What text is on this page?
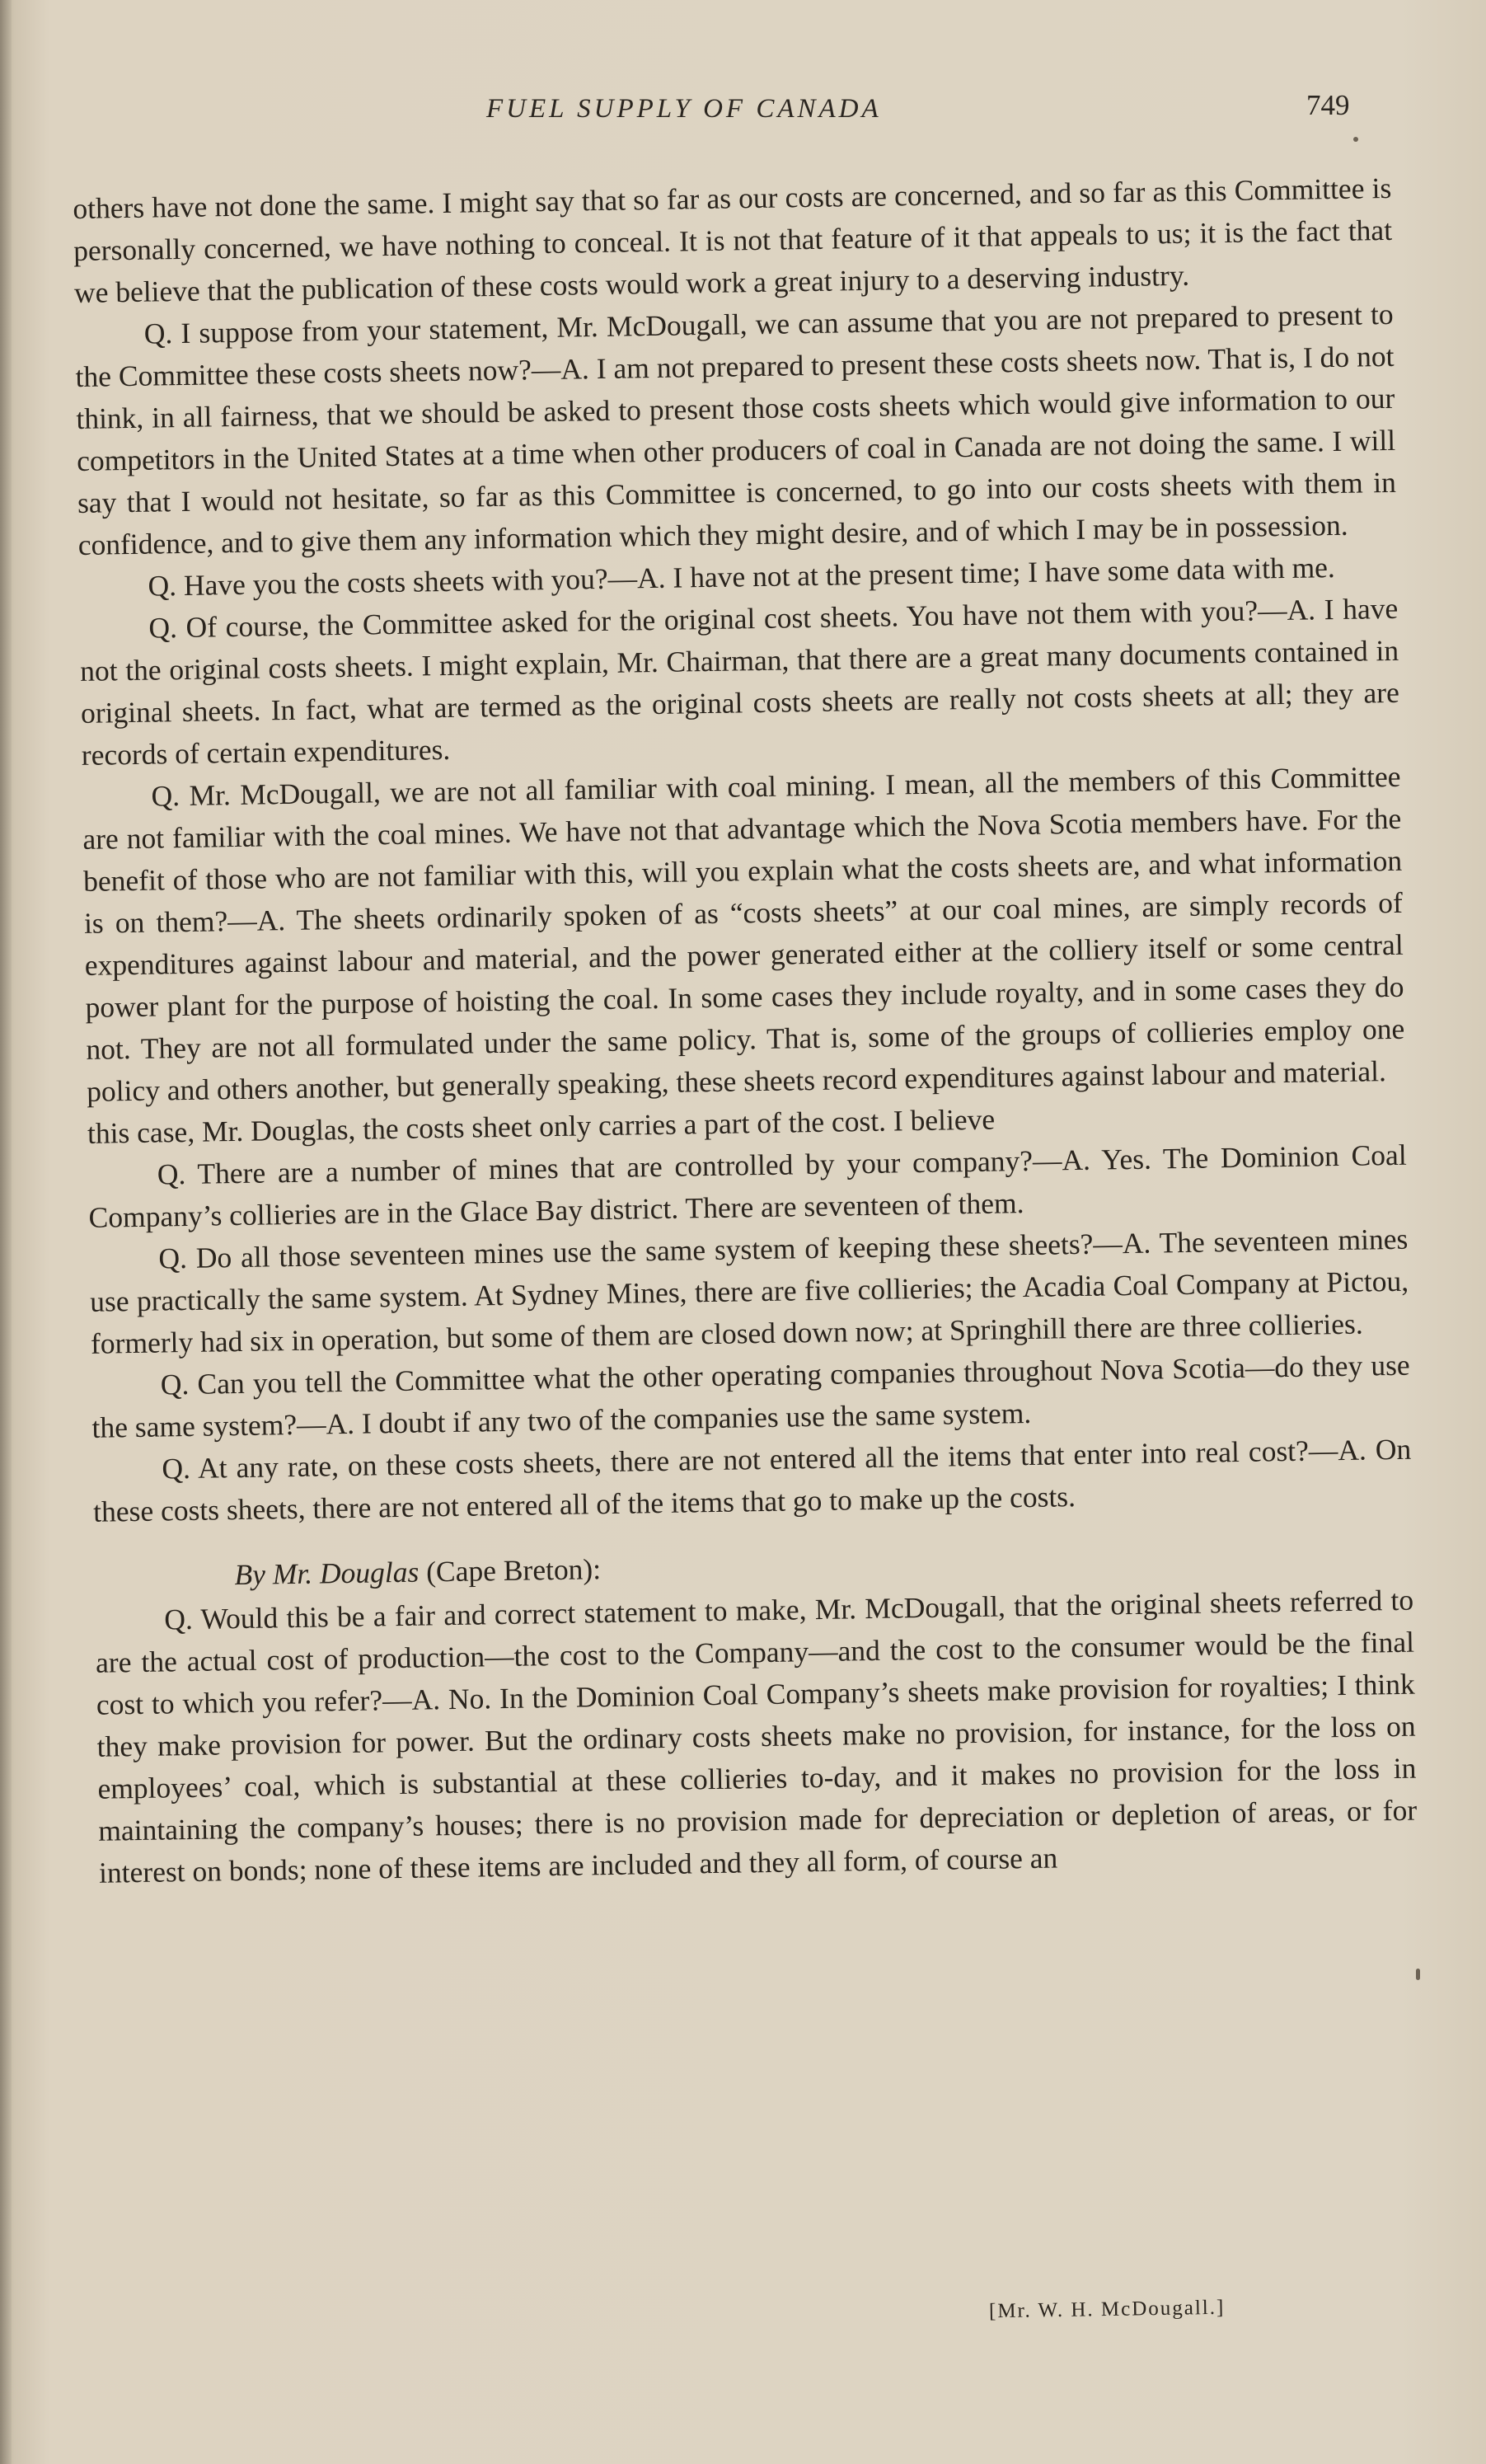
FUEL SUPPLY OF CANADA	749

others have not done the same. I might say that so far as our costs are concerned, and so far as this Committee is personally concerned, we have nothing to conceal. It is not that feature of it that appeals to us; it is the fact that we believe that the publication of these costs would work a great injury to a deserving industry.

Q. I suppose from your statement, Mr. McDougall, we can assume that you are not prepared to present to the Committee these costs sheets now?—A. I am not prepared to present these costs sheets now. That is, I do not think, in all fairness, that we should be asked to present those costs sheets which would give information to our competitors in the United States at a time when other producers of coal in Canada are not doing the same. I will say that I would not hesitate, so far as this Committee is concerned, to go into our costs sheets with them in confidence, and to give them any information which they might desire, and of which I may be in possession.

Q. Have you the costs sheets with you?—A. I have not at the present time; I have some data with me.

Q. Of course, the Committee asked for the original cost sheets. You have not them with you?—A. I have not the original costs sheets. I might explain, Mr. Chairman, that there are a great many documents contained in original sheets. In fact, what are termed as the original costs sheets are really not costs sheets at all; they are records of certain expenditures.

Q. Mr. McDougall, we are not all familiar with coal mining. I mean, all the members of this Committee are not familiar with the coal mines. We have not that advantage which the Nova Scotia members have. For the benefit of those who are not familiar with this, will you explain what the costs sheets are, and what information is on them?—A. The sheets ordinarily spoken of as “costs sheets” at our coal mines, are simply records of expenditures against labour and material, and the power generated either at the colliery itself or some central power plant for the purpose of hoisting the coal. In some cases they include royalty, and in some cases they do not. They are not all formulated under the same policy. That is, some of the groups of collieries employ one policy and others another, but generally speaking, these sheets record expenditures against labour and material.

this case, Mr. Douglas, the costs sheet only carries a part of the cost. I believe

Q. There are a number of mines that are controlled by your company?—A. Yes. The Dominion Coal Company’s collieries are in the Glace Bay district. There are seventeen of them.

Q. Do all those seventeen mines use the same system of keeping these sheets?—A. The seventeen mines use practically the same system. At Sydney Mines, there are five collieries; the Acadia Coal Company at Pictou, formerly had six in operation, but some of them are closed down now; at Springhill there are three collieries.

Q. Can you tell the Committee what the other operating companies throughout Nova Scotia—do they use the same system?—A. I doubt if any two of the companies use the same system.

Q. At any rate, on these costs sheets, there are not entered all the items that enter into real cost?—A. On these costs sheets, there are not entered all of the items that go to make up the costs.

By Mr. Douglas (Cape Breton):

Q. Would this be a fair and correct statement to make, Mr. McDougall, that the original sheets referred to are the actual cost of production—the cost to the Company—and the cost to the consumer would be the final cost to which you refer?—A. No. In the Dominion Coal Company’s sheets make provision for royalties; I think they make provision for power. But the ordinary costs sheets make no provision, for instance, for the loss on employees’ coal, which is substantial at these collieries to-day, and it makes no provision for the loss in maintaining the company’s houses; there is no provision made for depreciation or depletion of areas, or for interest on bonds; none of these items are included and they all form, of course an

[Mr. W. H. McDougall.]
